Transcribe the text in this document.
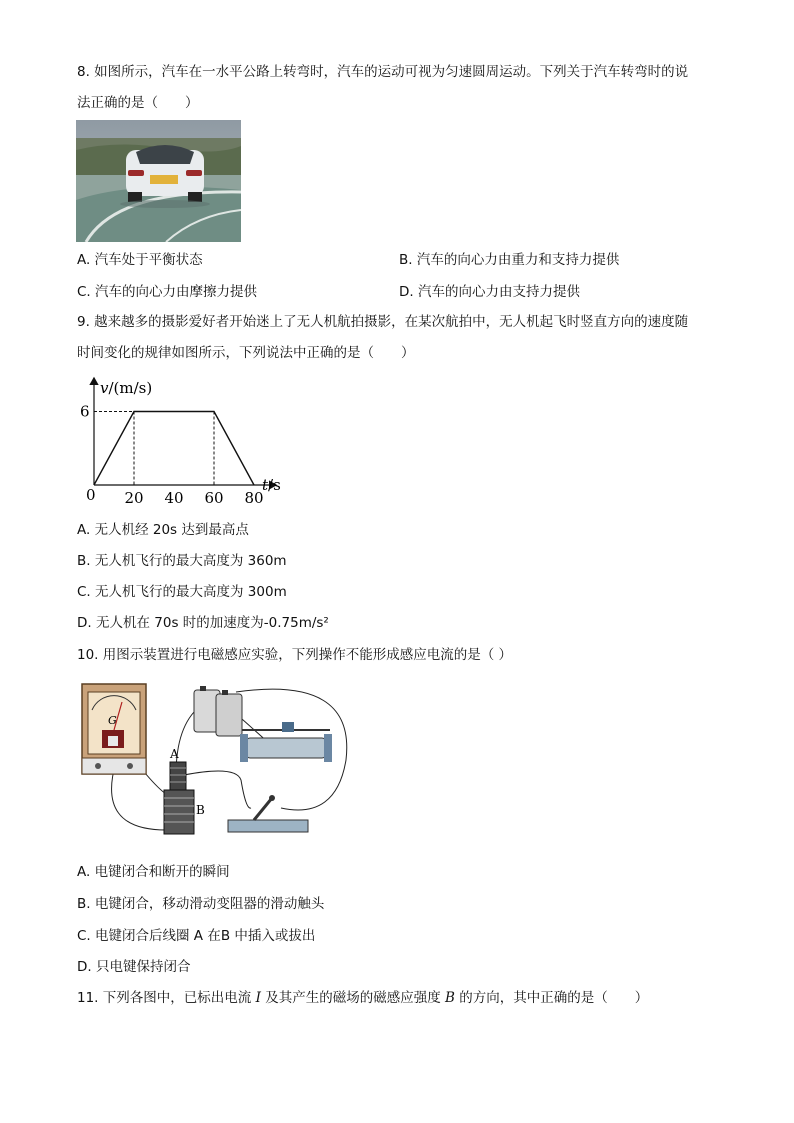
8. 如图所示，汽车在一水平公路上转弯时，汽车的运动可视为匀速圆周运动。下列关于汽车转弯时的说
法正确的是（　　）
A. 汽车处于平衡状态	B. 汽车的向心力由重力和支持力提供
C. 汽车的向心力由摩擦力提供	D. 汽车的向心力由支持力提供
9. 越来越多的摄影爱好者开始迷上了无人机航拍摄影，在某次航拍中，无人机起飞时竖直方向的速度随
时间变化的规律如图所示，下列说法中正确的是（　　）
v/(m/s)
t/s
0 20 40 60 80
6
A. 无人机经 20s 达到最高点
B. 无人机飞行的最大高度为 360m
C. 无人机飞行的最大高度为 300m
D. 无人机在 70s 时的加速度为-0.75m/s²
10. 用图示装置进行电磁感应实验，下列操作不能形成感应电流的是（ ）
G
A
B
A. 电键闭合和断开的瞬间
B. 电键闭合，移动滑动变阻器的滑动触头
C. 电键闭合后线圈 A 在B 中插入或拔出
D. 只电键保持闭合
11. 下列各图中，已标出电流 I 及其产生的磁场的磁感应强度 B 的方向，其中正确的是（　　）
